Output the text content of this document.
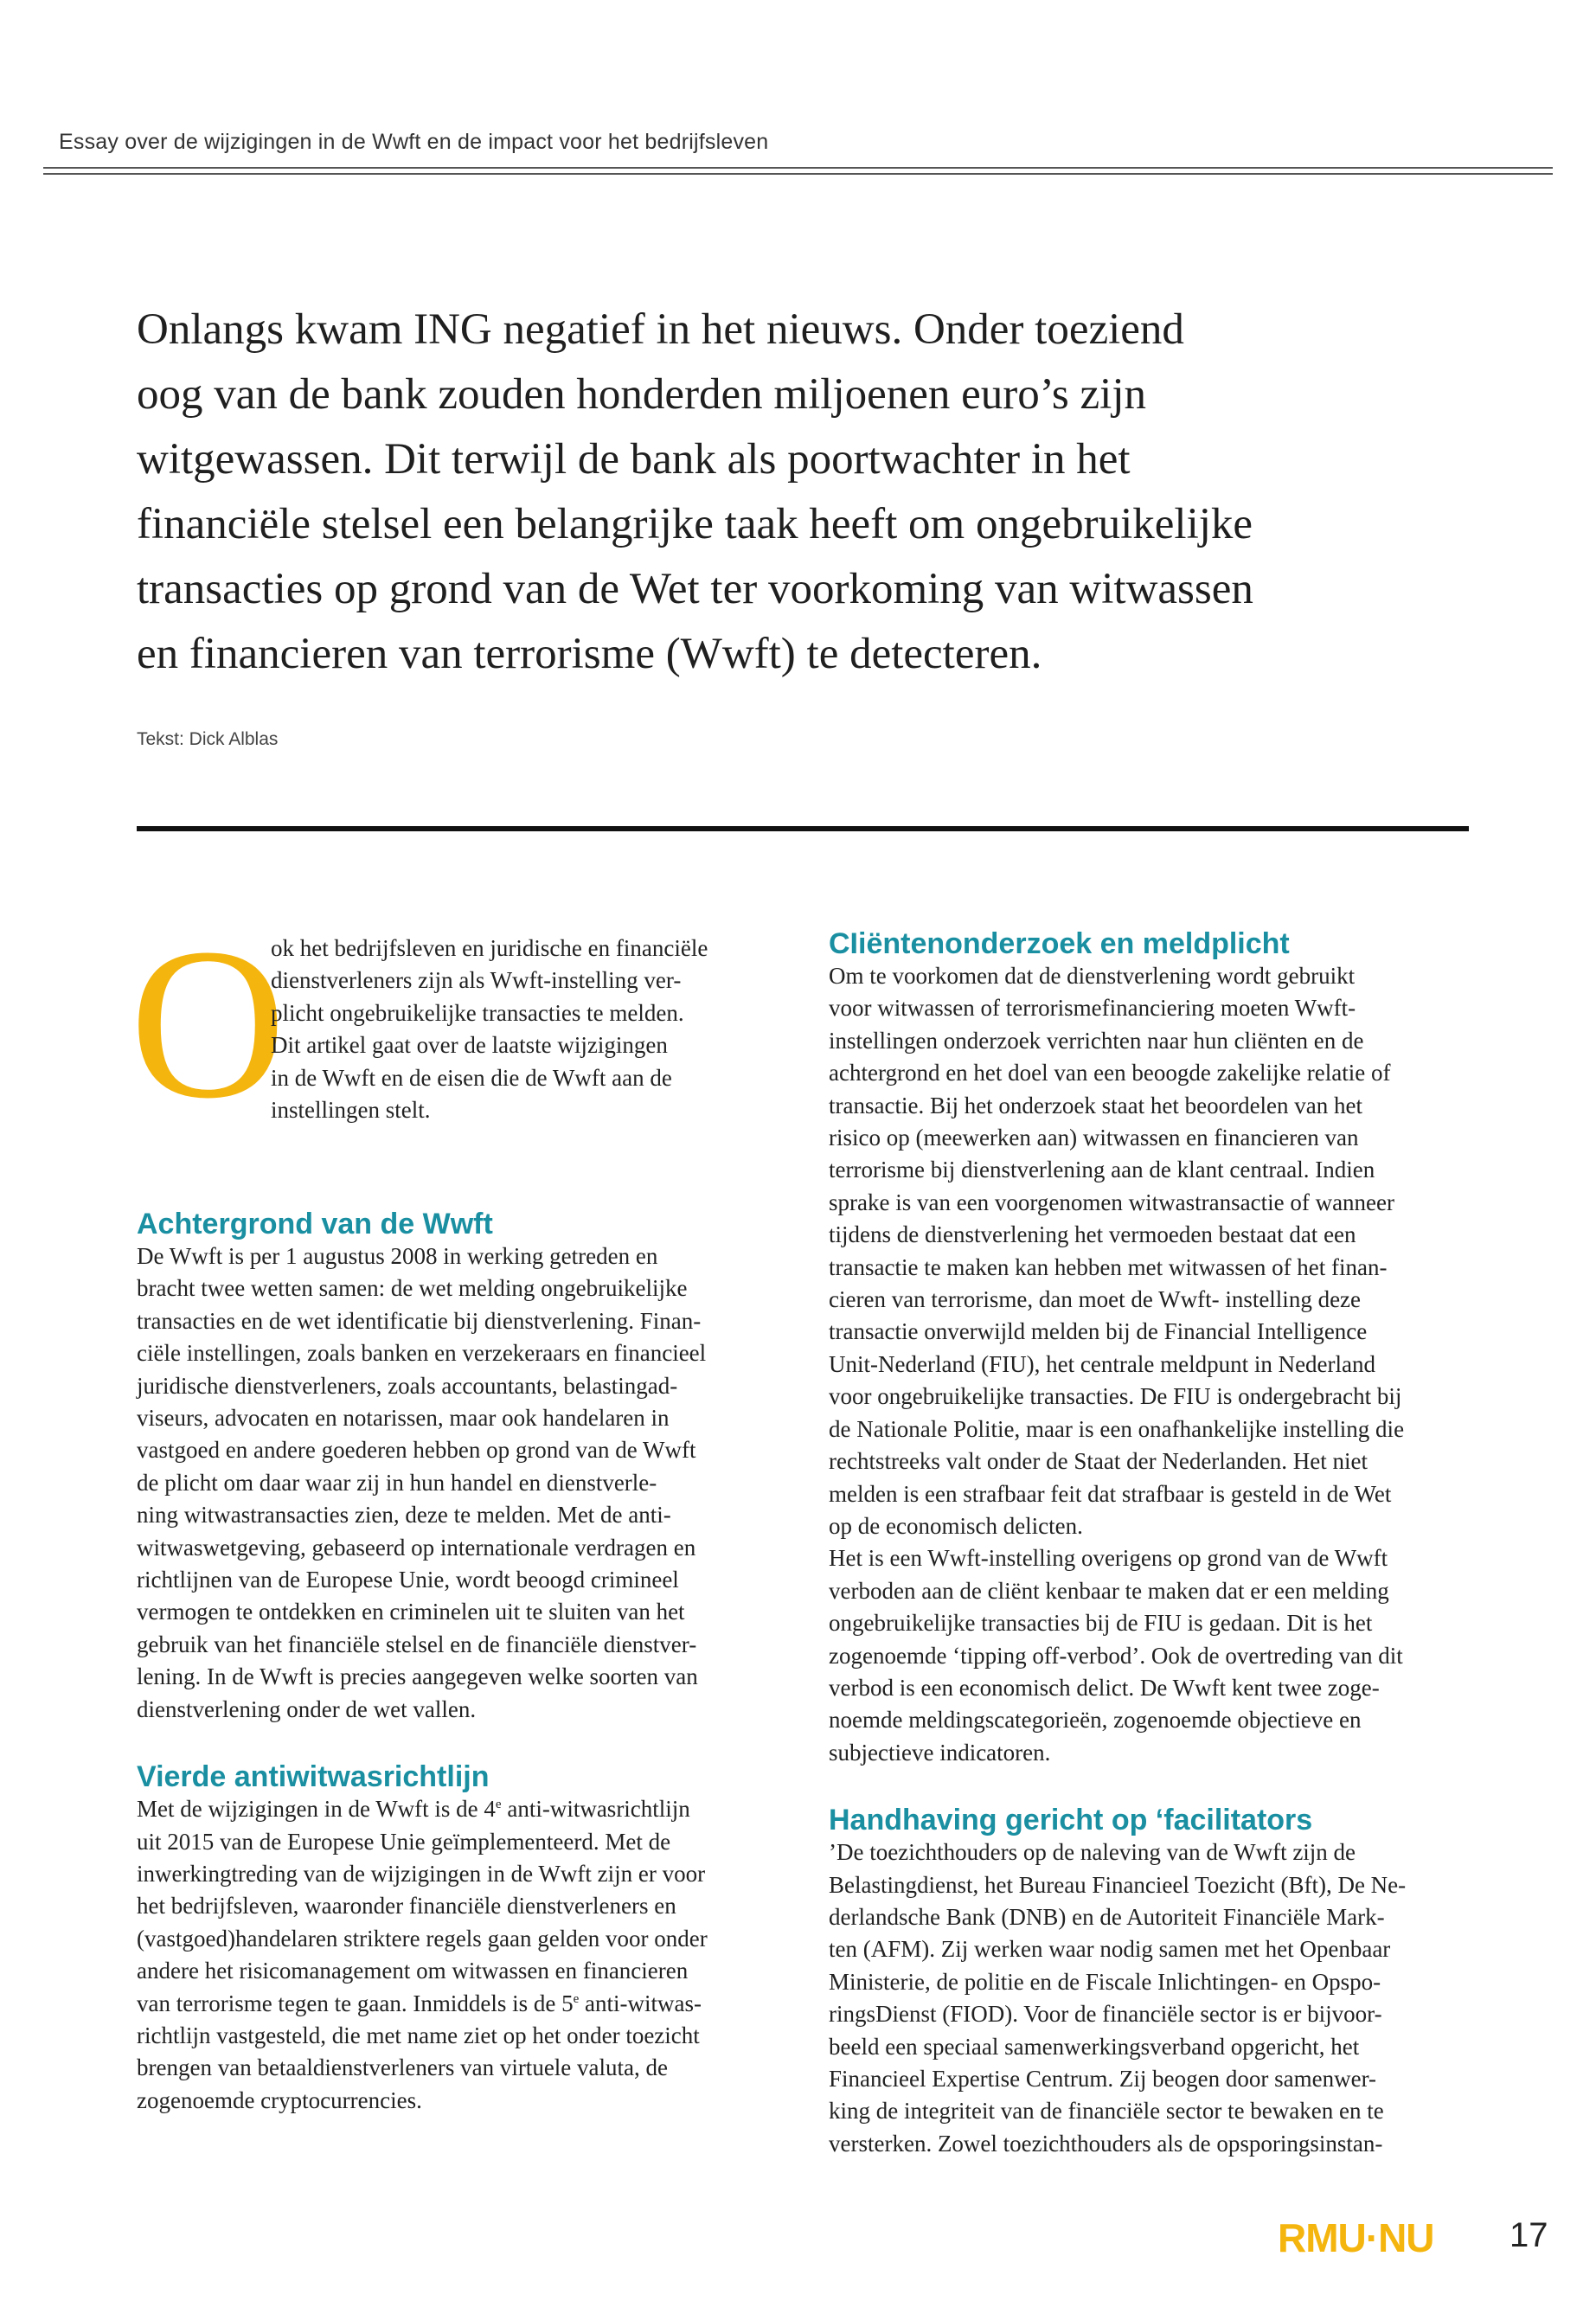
Essay over de wijzigingen in de Wwft en de impact voor het bedrijfsleven
Onlangs kwam ING negatief in het nieuws. Onder toeziend
oog van de bank zouden honderden miljoenen euro’s zijn
witgewassen. Dit terwijl de bank als poortwachter in het
financiële stelsel een belangrijke taak heeft om ongebruikelijke
transacties op grond van de Wet ter voorkoming van witwassen
en financieren van terrorisme (Wwft) te detecteren.
Tekst: Dick Alblas
O
ok het bedrijfsleven en juridische en financiële
dienstverleners zijn als Wwft-instelling ver-
plicht ongebruikelijke transacties te melden.
Dit artikel gaat over de laatste wijzigingen
in de Wwft en de eisen die de Wwft aan de
instellingen stelt.
Achtergrond van de Wwft
De Wwft is per 1 augustus 2008 in werking getreden en
bracht twee wetten samen: de wet melding ongebruikelijke
transacties en de wet identificatie bij dienstverlening. Finan-
ciële instellingen, zoals banken en verzekeraars en financieel
juridische dienstverleners, zoals accountants, belastingad-
viseurs, advocaten en notarissen, maar ook handelaren in
vastgoed en andere goederen hebben op grond van de Wwft
de plicht om daar waar zij in hun handel en dienstverle-
ning witwastransacties zien, deze te melden. Met de anti-
witwaswetgeving, gebaseerd op internationale verdragen en
richtlijnen van de Europese Unie, wordt beoogd crimineel
vermogen te ontdekken en criminelen uit te sluiten van het
gebruik van het financiële stelsel en de financiële dienstver-
lening. In de Wwft is precies aangegeven welke soorten van
dienstverlening onder de wet vallen.
Vierde antiwitwasrichtlijn
Met de wijzigingen in de Wwft is de 4e anti-witwasrichtlijn
uit 2015 van de Europese Unie geïmplementeerd. Met de
inwerkingtreding van de wijzigingen in de Wwft zijn er voor
het bedrijfsleven, waaronder financiële dienstverleners en
(vastgoed)handelaren striktere regels gaan gelden voor onder
andere het risicomanagement om witwassen en financieren
van terrorisme tegen te gaan. Inmiddels is de 5e anti-witwas-
richtlijn vastgesteld, die met name ziet op het onder toezicht
brengen van betaaldienstverleners van virtuele valuta, de
zogenoemde cryptocurrencies.
CIiëntenonderzoek en meldplicht
Om te voorkomen dat de dienstverlening wordt gebruikt
voor witwassen of terrorismefinanciering moeten Wwft-
instellingen onderzoek verrichten naar hun cliënten en de
achtergrond en het doel van een beoogde zakelijke relatie of
transactie. Bij het onderzoek staat het beoordelen van het
risico op (meewerken aan) witwassen en financieren van
terrorisme bij dienstverlening aan de klant centraal. Indien
sprake is van een voorgenomen witwastransactie of wanneer
tijdens de dienstverlening het vermoeden bestaat dat een
transactie te maken kan hebben met witwassen of het finan-
cieren van terrorisme, dan moet de Wwft- instelling deze
transactie onverwijld melden bij de Financial Intelligence
Unit-Nederland (FIU), het centrale meldpunt in Nederland
voor ongebruikelijke transacties. De FIU is ondergebracht bij
de Nationale Politie, maar is een onafhankelijke instelling die
rechtstreeks valt onder de Staat der Nederlanden. Het niet
melden is een strafbaar feit dat strafbaar is gesteld in de Wet
op de economisch delicten.
Het is een Wwft-instelling overigens op grond van de Wwft
verboden aan de cliënt kenbaar te maken dat er een melding
ongebruikelijke transacties bij de FIU is gedaan. Dit is het
zogenoemde ‘tipping off-verbod’. Ook de overtreding van dit
verbod is een economisch delict. De Wwft kent twee zoge-
noemde meldingscategorieën, zogenoemde objectieve en
subjectieve indicatoren.
Handhaving gericht op ‘facilitators
’De toezichthouders op de naleving van de Wwft zijn de
Belastingdienst, het Bureau Financieel Toezicht (Bft), De Ne-
derlandsche Bank (DNB) en de Autoriteit Financiële Mark-
ten (AFM). Zij werken waar nodig samen met het Openbaar
Ministerie, de politie en de Fiscale Inlichtingen- en Opspo-
ringsDienst (FIOD). Voor de financiële sector is er bijvoor-
beeld een speciaal samenwerkingsverband opgericht, het
Financieel Expertise Centrum. Zij beogen door samenwer-
king de integriteit van de financiële sector te bewaken en te
versterken. Zowel toezichthouders als de opsporingsinstan-
RMU·NU 17
